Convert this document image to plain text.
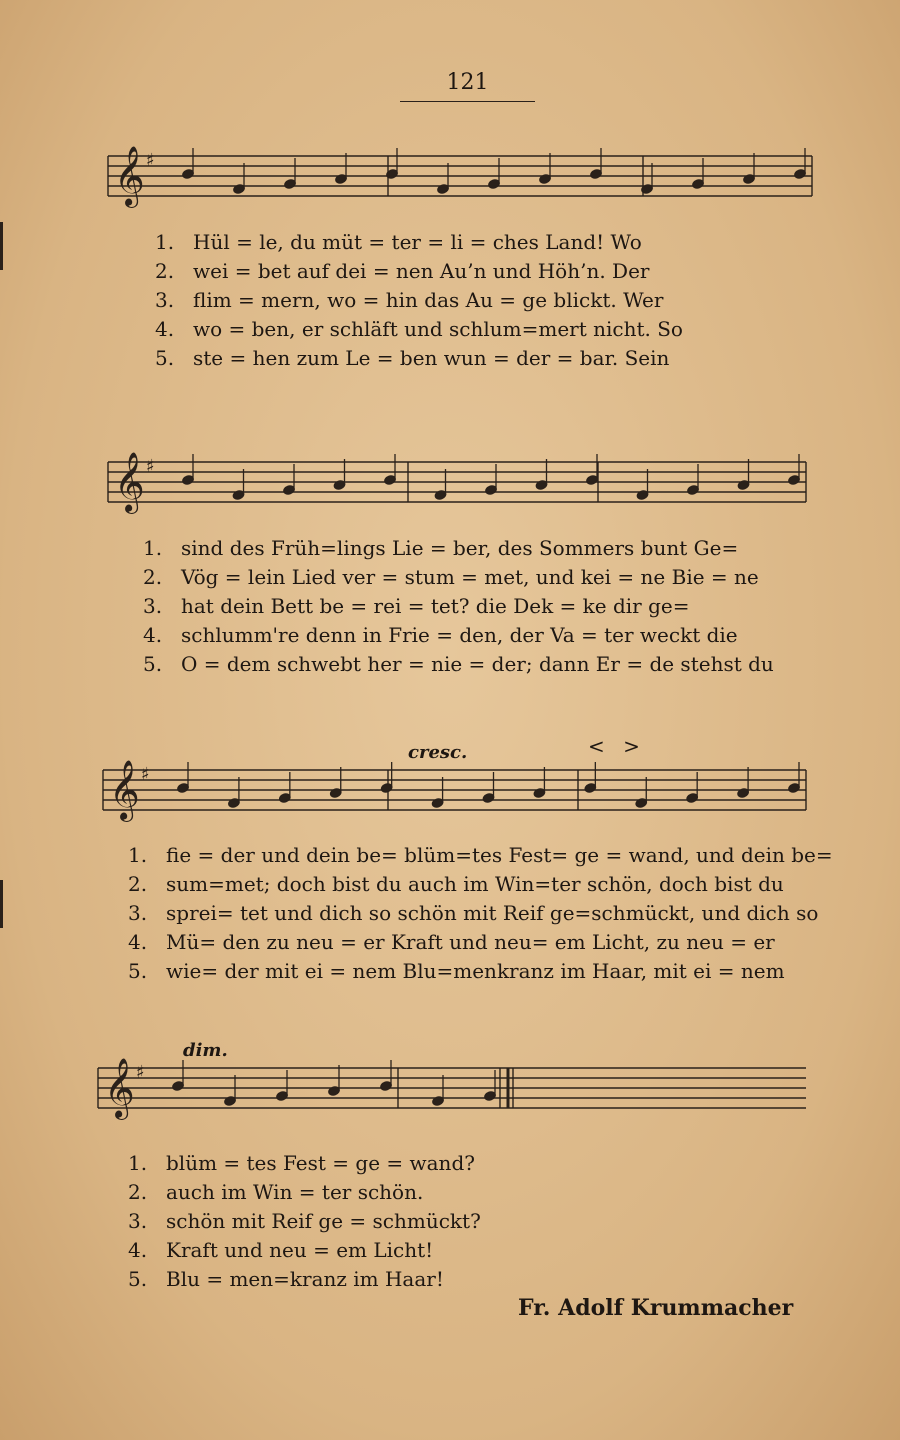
121
𝄞 ♯
𝄞 ♯
𝄞 ♯
𝄞 ♯
1. Hül = le, du müt = ter = li = ches Land! Wo
2. wei = bet auf dei = nen Au’n und Höh’n. Der
3. flim = mern, wo = hin das Au = ge blickt. Wer
4. wo = ben, er schläft und schlum=mert nicht. So
5. ste = hen zum Le = ben wun = der = bar. Sein
1. sind des Früh=lings Lie = ber, des Sommers bunt Ge=
2. Vög = lein Lied ver = stum = met, und kei = ne Bie = ne
3. hat dein Bett be = rei = tet? die Dek = ke dir ge=
4. schlumm're denn in Frie = den, der Va = ter weckt die
5. O = dem schwebt her = nie = der; dann Er = de stehst du
cresc.	< >
1. fie = der und dein be= blüm=tes Fest= ge = wand, und dein be=
2. sum=met; doch bist du auch im Win=ter schön, doch bist du
3. sprei= tet und dich so schön mit Reif ge=schmückt, und dich so
4. Mü= den zu neu = er Kraft und neu= em Licht, zu neu = er
5. wie= der mit ei = nem Blu=menkranz im Haar, mit ei = nem
dim.
1. blüm = tes Fest = ge = wand?
2. auch im Win = ter schön.
3. schön mit Reif ge = schmückt?
4. Kraft und neu = em Licht!
5. Blu = men=kranz im Haar!
Fr. Adolf Krummacher
